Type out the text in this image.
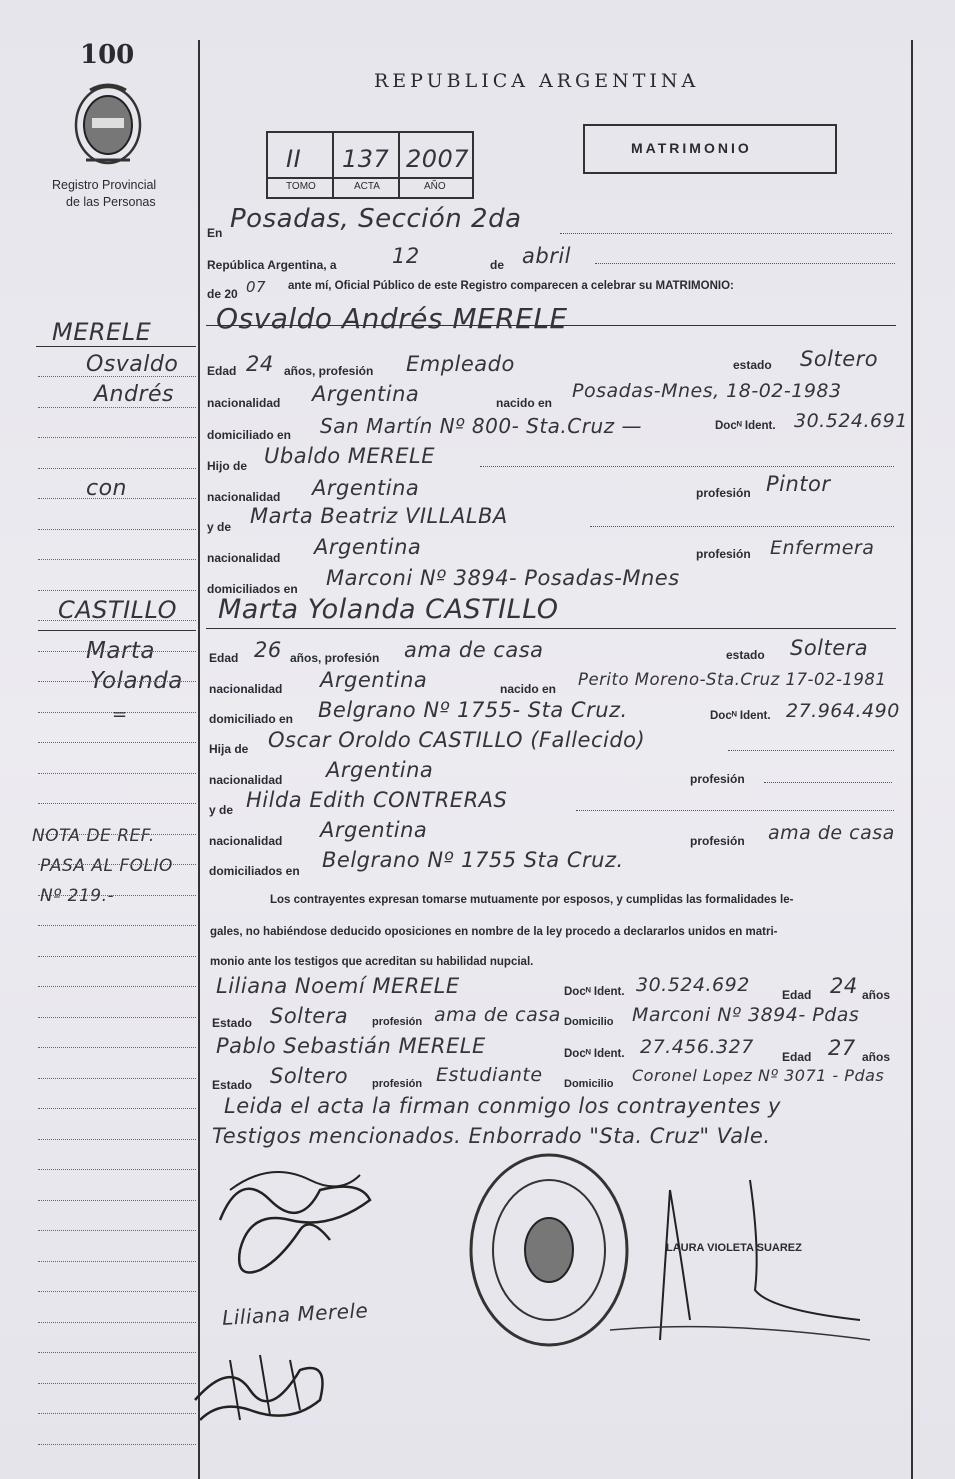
100
Registro Provincial
de las Personas
REPUBLICA ARGENTINA
II 137 2007
TOMO	ACTA	AÑO
MATRIMONIO
En Posadas, Sección 2da
República Argentina, a	12	de abril
de 20 07 ante mí, Oficial Público de este Registro comparecen a celebrar su MATRIMONIO:
Osvaldo Andrés MERELE
Edad 24 años, profesión Empleado	estado Soltero
nacionalidad Argentina	nacido en
Posadas-Mnes, 18-02-1983
domiciliado en San Martín Nº 800- Sta.Cruz —	Docᴺ Ident. 30.524.691
Hijo de Ubaldo MERELE
nacionalidad Argentina	profesión Pintor
y de Marta Beatriz VILLALBA
nacionalidad Argentina	profesión Enfermera
domiciliados en Marconi Nº 3894- Posadas-Mnes
Marta Yolanda CASTILLO
Edad 26 años, profesión ama de casa	estado Soltera
nacionalidad Argentina	nacido en Perito Moreno-Sta.Cruz 17-02-1981
domiciliado en Belgrano Nº 1755- Sta Cruz.	Docᴺ Ident. 27.964.490
Hija de Oscar Oroldo CASTILLO (Fallecido)
nacionalidad Argentina	profesión
y de Hilda Edith CONTRERAS
nacionalidad Argentina	profesión ama de casa
domiciliados en Belgrano Nº 1755 Sta Cruz.
Los contrayentes expresan tomarse mutuamente por esposos, y cumplidas las formalidades le-
gales, no habiéndose deducido oposiciones en nombre de la ley procedo a declararlos unidos en matri-
monio ante los testigos que acreditan su habilidad nupcial.
Liliana Noemí MERELE	Docᴺ Ident. 30.524.692	Edad 24 años
Estado Soltera profesión ama de casa Domicilio Marconi Nº 3894- Pdas
Pablo Sebastián MERELE	Docᴺ Ident. 27.456.327 Edad 27 años
Estado Soltero profesión Estudiante Domicilio Coronel Lopez Nº 3071 - Pdas
Leida el acta la firman conmigo los contrayentes y
Testigos mencionados. Enborrado "Sta. Cruz" Vale.
Liliana Merele
LAURA VIOLETA SUAREZ
MERELE
Osvaldo
Andrés
con
CASTILLO
Marta
Yolanda
=
NOTA DE REF.
PASA AL FOLIO
Nº 219.-
